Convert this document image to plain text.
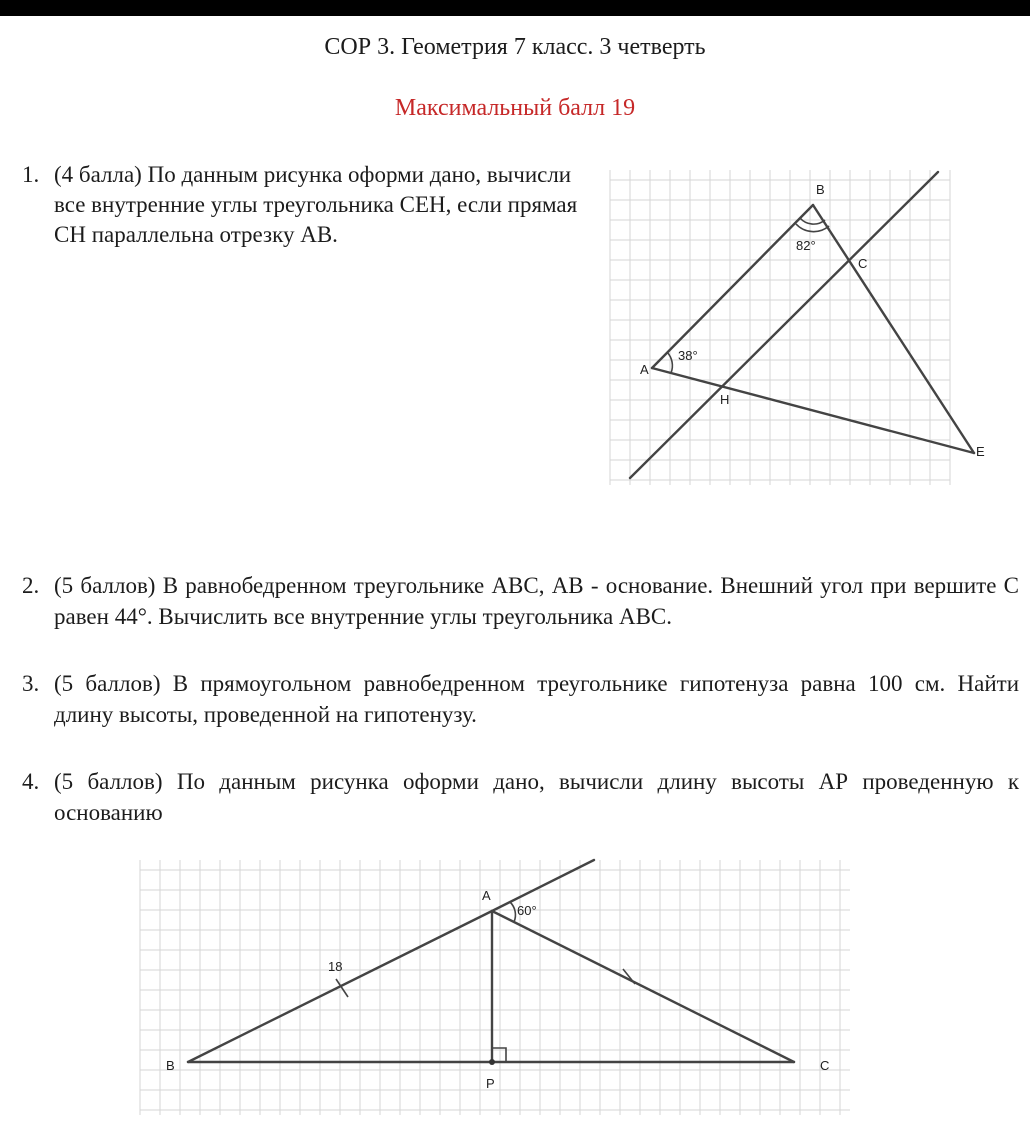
СОР 3. Геометрия 7 класс. 3 четверть
Максимальный балл 19
1. (4 балла) По данным рисунка оформи дано, вычисли все внутренние углы треугольника СЕН, если прямая СН параллельна отрезку АВ.
B
A
C
H
E
82°
38°
2. (5 баллов) В равнобедренном треугольнике АВС, АВ - основание. Внешний угол при вершите С равен 44°. Вычислить все внутренние углы треугольника АВС.
3. (5 баллов) В прямоугольном равнобедренном треугольнике гипотенуза равна 100 см. Найти длину высоты, проведенной на гипотенузу.
4. (5 баллов) По данным рисунка оформи дано, вычисли длину высоты АР проведенную к основанию
A
B	C
P
18
60°
